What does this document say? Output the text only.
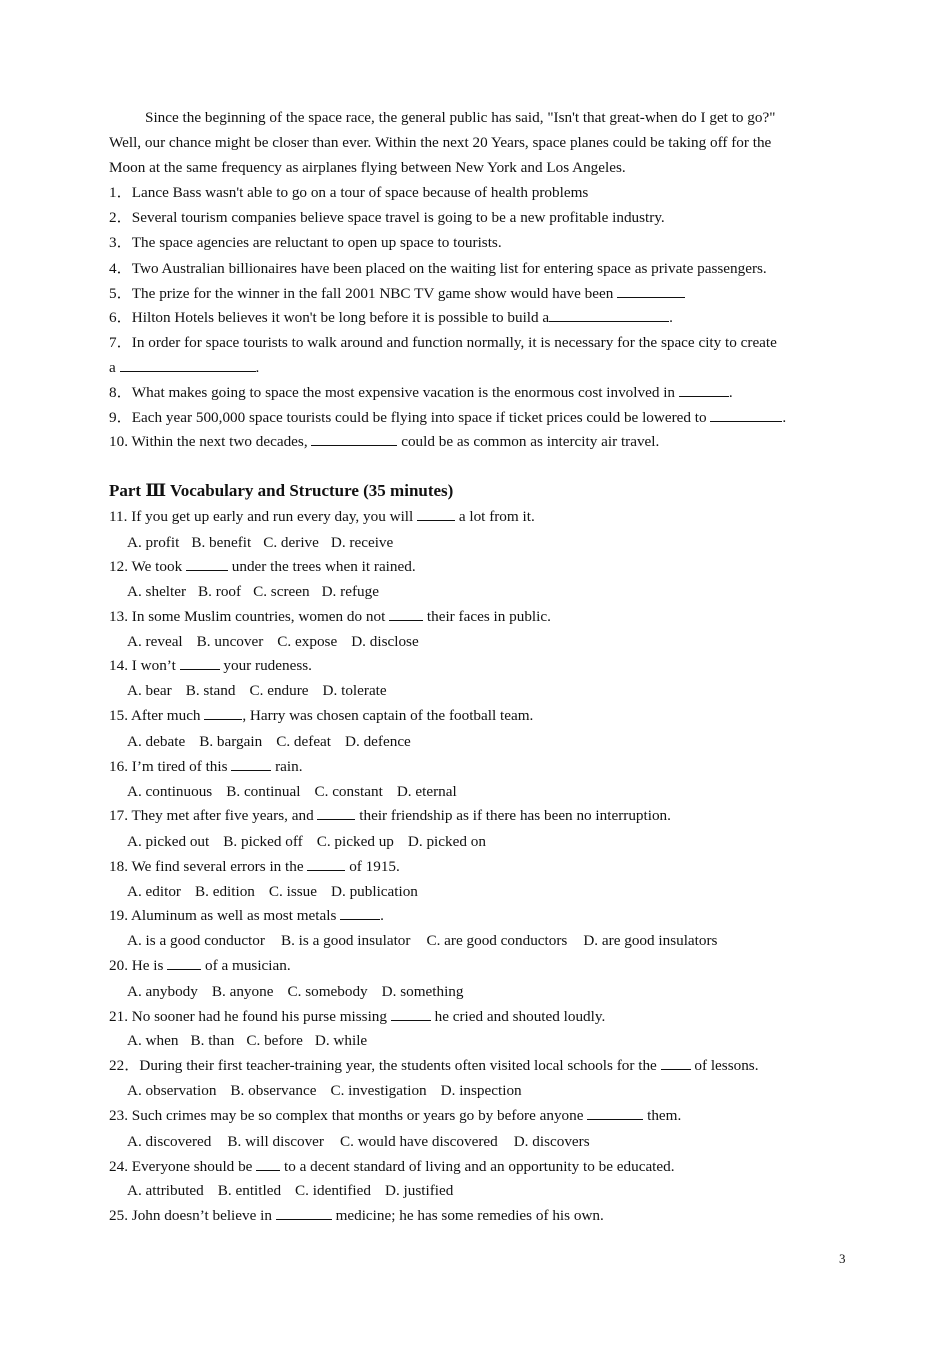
Since the beginning of the space race, the general public has said, "Isn't that great-when do I get to go?"
Well, our chance might be closer than ever. Within the next 20 Years, space planes could be taking off for the
Moon at the same frequency as airplanes flying between New York and Los Angeles.
1．Lance Bass wasn't able to go on a tour of space because of health problems
2．Several tourism companies believe space travel is going to be a new profitable industry.
3．The space agencies are reluctant to open up space to tourists.
4．Two Australian billionaires have been placed on the waiting list for entering space as private passengers.
5．The prize for the winner in the fall 2001 NBC TV game show would have been
6．Hilton Hotels believes it won't be long before it is possible to build a	.
7．In order for space tourists to walk around and function normally, it is necessary for the space city to create
a	.
8．What makes going to space the most expensive vacation is the enormous cost involved in	.
9．Each year 500,000 space tourists could be flying into space if ticket prices could be lowered to	.
10. Within the next two decades,	could be as common as intercity air travel.
Part Ⅲ Vocabulary and Structure (35 minutes)
11. If you get up early and run every day, you will	a lot from it.
A. profit B. benefit C. derive D. receive
12. We took	under the trees when it rained.
A. shelter B. roof C. screen D. refuge
13. In some Muslim countries, women do not	their faces in public.
A. reveal B. uncover C. expose D. disclose
14. I won’t	your rudeness.
A. bear B. stand C. endure D. tolerate
15. After much	, Harry was chosen captain of the football team.
A. debate B. bargain C. defeat D. defence
16. I’m tired of this	rain.
A. continuous B. continual C. constant D. eternal
17. They met after five years, and	their friendship as if there has been no interruption.
A. picked out B. picked off C. picked up D. picked on
18. We find several errors in the	of 1915.
A. editor B. edition C. issue D. publication
19. Aluminum as well as most metals	.
A. is a good conductor B. is a good insulator C. are good conductors D. are good insulators
20. He is	of a musician.
A. anybody B. anyone C. somebody D. something
21. No sooner had he found his purse missing	he cried and shouted loudly.
A. when B. than C. before D. while
22．During their first teacher-training year, the students often visited local schools for the of lessons.
A. observation B. observance C. investigation D. inspection
23. Such crimes may be so complex that months or years go by before anyone	them.
A. discovered B. will discover C. would have discovered D. discovers
24. Everyone should be to a decent standard of living and an opportunity to be educated.
A. attributed B. entitled C. identified D. justified
25. John doesn’t believe in	medicine; he has some remedies of his own.
3
